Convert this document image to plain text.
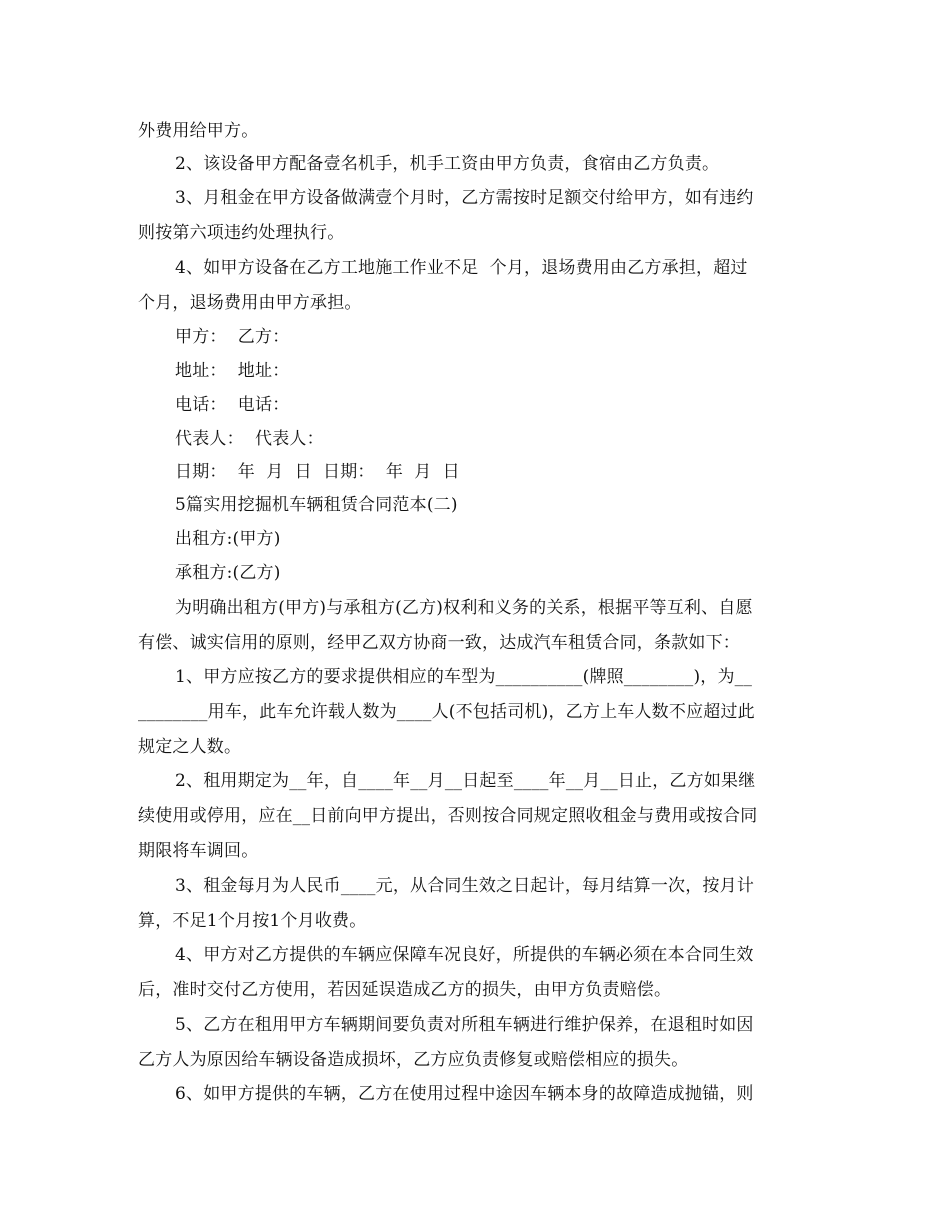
外费用给甲方。
2、该设备甲方配备壹名机手，机手工资由甲方负责，食宿由乙方负责。
3、月租金在甲方设备做满壹个月时，乙方需按时足额交付给甲方，如有违约
则按第六项违约处理执行。
4、如甲方设备在乙方工地施工作业不足  个月，退场费用由乙方承担，超过
个月，退场费用由甲方承担。
甲方：  乙方：
地址：  地址：
电话：  电话：
代表人：  代表人：
日期：  年  月  日  日期：  年  月  日
5篇实用挖掘机车辆租赁合同范本(二)
出租方:(甲方)
承租方:(乙方)
为明确出租方(甲方)与承租方(乙方)权利和义务的关系，根据平等互利、自愿
有偿、诚实信用的原则，经甲乙双方协商一致，达成汽车租赁合同，条款如下：
1、甲方应按乙方的要求提供相应的车型为__________(牌照________)，为__
________用车，此车允许载人数为____人(不包括司机)，乙方上车人数不应超过此
规定之人数。
2、租用期定为__年，自____年__月__日起至____年__月__日止，乙方如果继
续使用或停用，应在__日前向甲方提出，否则按合同规定照收租金与费用或按合同
期限将车调回。
3、租金每月为人民币____元，从合同生效之日起计，每月结算一次，按月计
算，不足1个月按1个月收费。
4、甲方对乙方提供的车辆应保障车况良好，所提供的车辆必须在本合同生效
后，准时交付乙方使用，若因延误造成乙方的损失，由甲方负责赔偿。
5、乙方在租用甲方车辆期间要负责对所租车辆进行维护保养，在退租时如因
乙方人为原因给车辆设备造成损坏，乙方应负责修复或赔偿相应的损失。
6、如甲方提供的车辆，乙方在使用过程中途因车辆本身的故障造成抛锚，则
